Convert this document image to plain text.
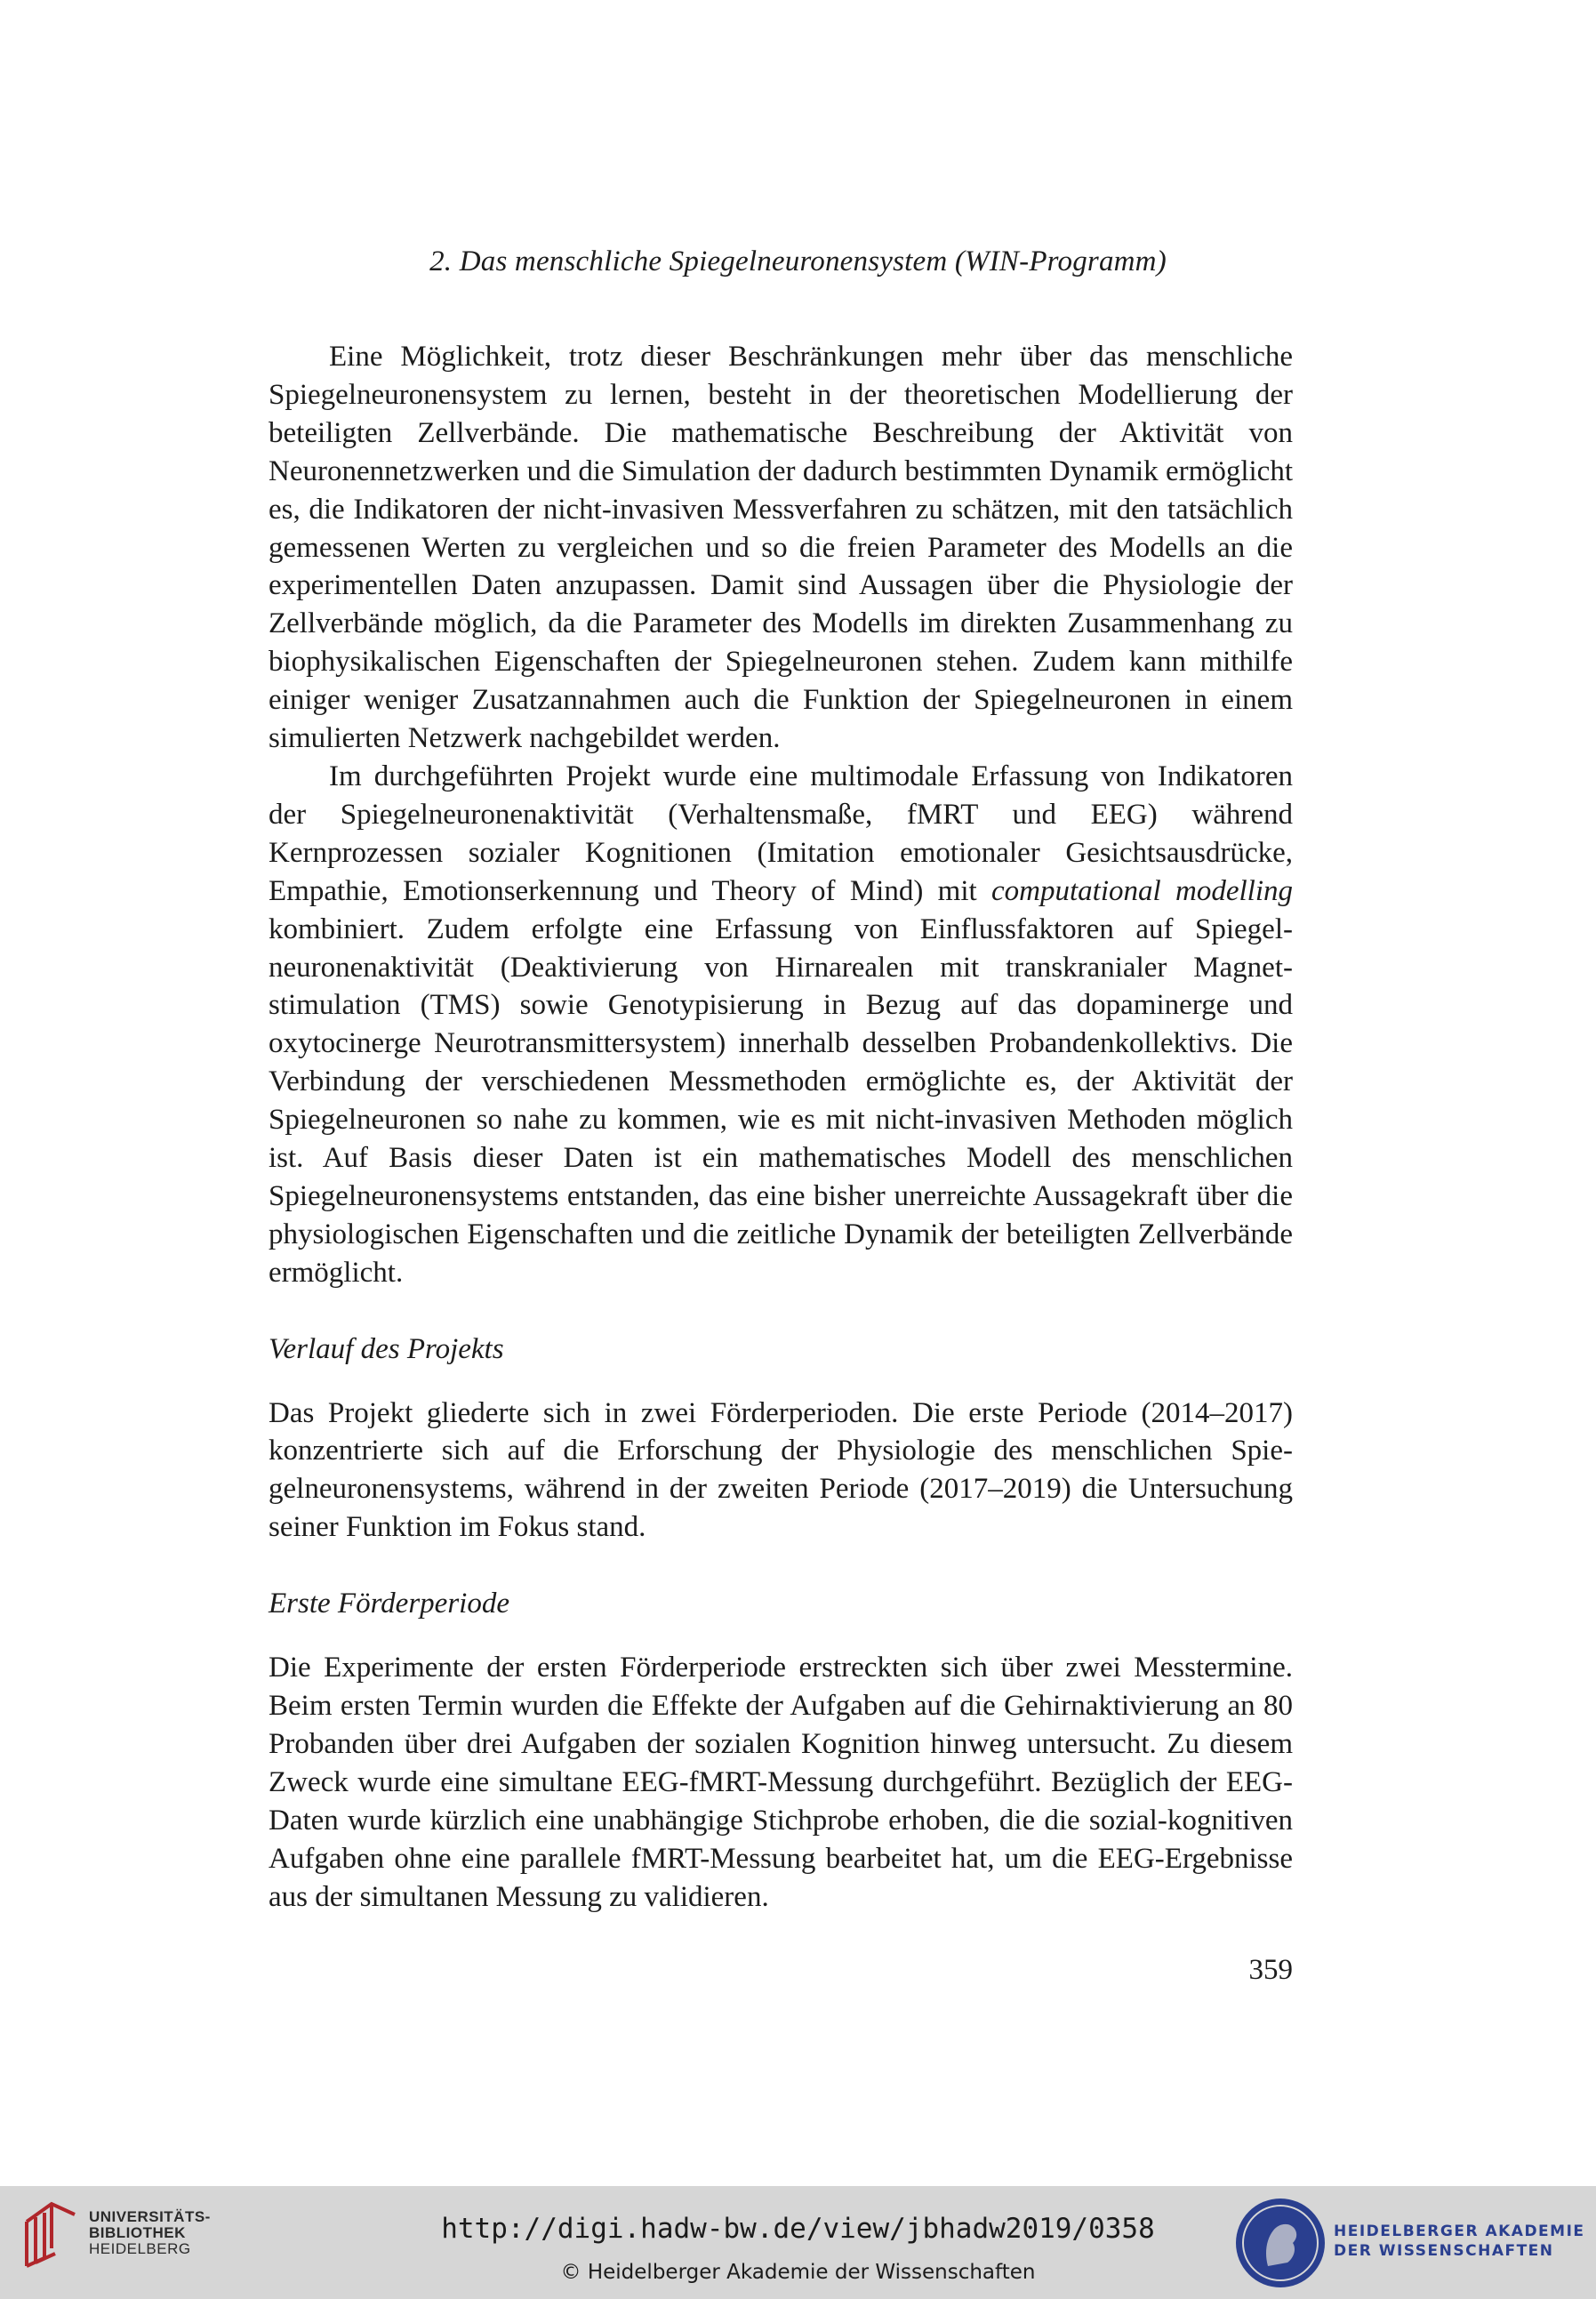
2. Das menschliche Spiegelneuronensystem (WIN-Programm)

Eine Möglichkeit, trotz dieser Beschränkungen mehr über das menschliche Spiegelneuronensystem zu lernen, besteht in der theoretischen Modellierung der beteiligten Zellverbände. Die mathematische Beschreibung der Aktivität von Neuronennetzwerken und die Simulation der dadurch bestimmten Dynamik ermöglicht es, die Indikatoren der nicht-invasiven Messverfahren zu schätzen, mit den tatsächlich gemessenen Werten zu vergleichen und so die freien Parameter des Modells an die experimentellen Daten anzupassen. Damit sind Aussagen über die Physiologie der Zellverbände möglich, da die Parameter des Modells im direkten Zusammenhang zu biophysikalischen Eigenschaften der Spiegelneuronen stehen. Zudem kann mithilfe einiger weniger Zusatzannahmen auch die Funktion der Spiegelneuronen in einem simulierten Netzwerk nachgebildet werden.

Im durchgeführten Projekt wurde eine multimodale Erfassung von Indikatoren der Spiegelneuronenaktivität (Verhaltensmaße, fMRT und EEG) während Kernprozessen sozialer Kognitionen (Imitation emotionaler Gesichtsausdrücke, Empathie, Emotionserkennung und Theory of Mind) mit computational modelling kombiniert. Zudem erfolgte eine Erfassung von Einflussfaktoren auf Spiegelneuronenaktivität (Deaktivierung von Hirnarealen mit transkranialer Magnetstimulation (TMS) sowie Genotypisierung in Bezug auf das dopaminerge und oxytocinerge Neurotransmittersystem) innerhalb desselben Probandenkollektivs. Die Verbindung der verschiedenen Messmethoden ermöglichte es, der Aktivität der Spiegelneuronen so nahe zu kommen, wie es mit nicht-invasiven Methoden möglich ist. Auf Basis dieser Daten ist ein mathematisches Modell des menschlichen Spiegelneuronensystems entstanden, das eine bisher unerreichte Aussagekraft über die physiologischen Eigenschaften und die zeitliche Dynamik der beteiligten Zellverbände ermöglicht.

Verlauf des Projekts

Das Projekt gliederte sich in zwei Förderperioden. Die erste Periode (2014–2017) konzentrierte sich auf die Erforschung der Physiologie des menschlichen Spiegelneuronensystems, während in der zweiten Periode (2017–2019) die Untersuchung seiner Funktion im Fokus stand.

Erste Förderperiode

Die Experimente der ersten Förderperiode erstreckten sich über zwei Messtermine. Beim ersten Termin wurden die Effekte der Aufgaben auf die Gehirnaktivierung an 80 Probanden über drei Aufgaben der sozialen Kognition hinweg untersucht. Zu diesem Zweck wurde eine simultane EEG-fMRT-Messung durchgeführt. Bezüglich der EEG-Daten wurde kürzlich eine unabhängige Stichprobe erhoben, die die sozial-kognitiven Aufgaben ohne eine parallele fMRT-Messung bearbeitet hat, um die EEG-Ergebnisse aus der simultanen Messung zu validieren.

359
UNIVERSITÄTS-
BIBLIOTHEK
HEIDELBERG
http://digi.hadw-bw.de/view/jbhadw2019/0358
© Heidelberger Akademie der Wissenschaften
HEIDELBERGER AKADEMIE
DER WISSENSCHAFTEN
